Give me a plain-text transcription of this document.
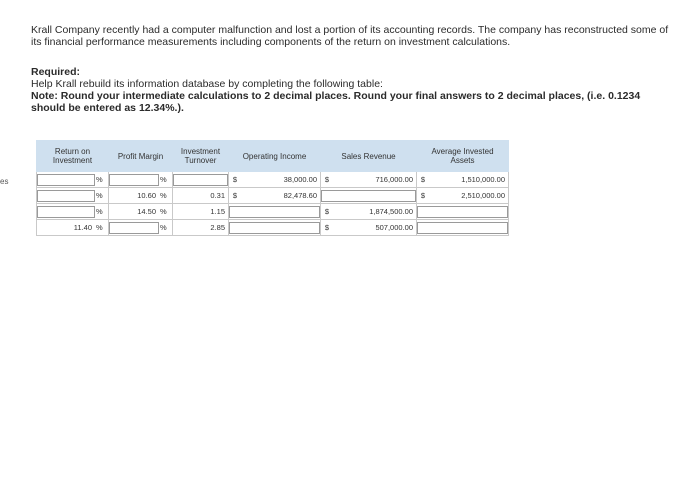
es

Krall Company recently had a computer malfunction and lost a portion of its accounting records. The company has reconstructed some of its financial performance measurements including components of the return on investment calculations.

Required:

Help Krall rebuild its information database by completing the following table:

Note: Round your intermediate calculations to 2 decimal places. Round your final answers to 2 decimal places, (i.e. 0.1234 should be entered as 12.34%.).

Return on Investment	Profit Margin	Investment Turnover	Operating Income	Sales Revenue	Average Invested Assets

%	%		$ 38,000.00	$ 716,000.00	$ 1,510,000.00

%	10.60 %	0.31	$ 82,478.60		$ 2,510,000.00

%	14.50 %	1.15		$ 1,874,500.00	

11.40 %	%	2.85		$ 507,000.00	
